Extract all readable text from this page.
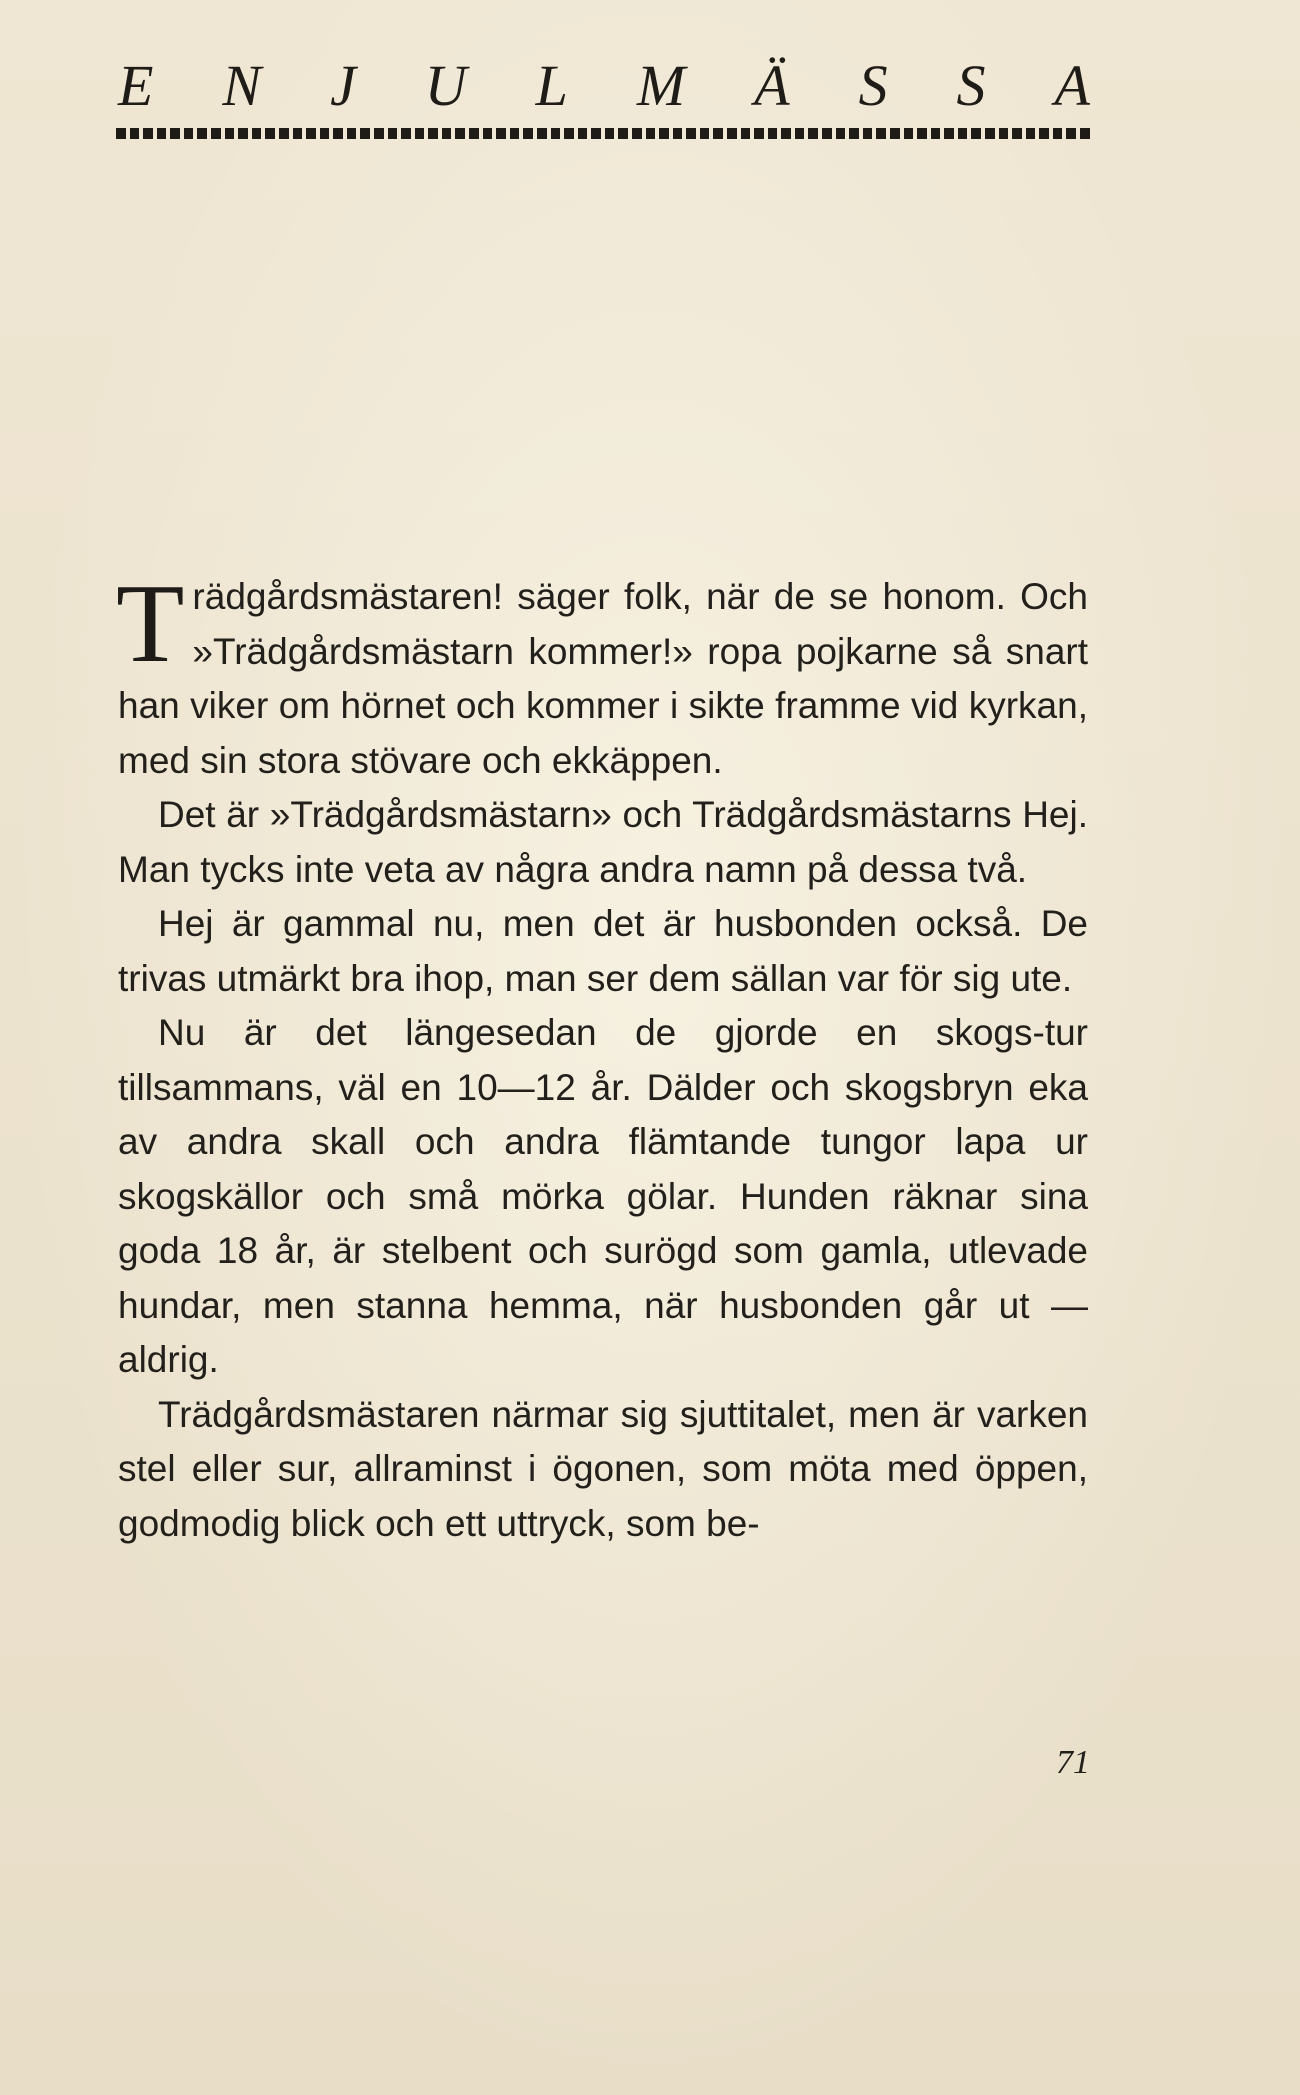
E N J U L M Ä S S A

Trädgårdsmästaren! säger folk, när de se honom. Och »Trädgårdsmästarn kommer!» ropa pojkarne så snart han viker om hörnet och kommer i sikte framme vid kyrkan, med sin stora stövare och ekkäppen.

Det är »Trädgårdsmästarn» och Trädgårdsmästarns Hej. Man tycks inte veta av några andra namn på dessa två.

Hej är gammal nu, men det är husbonden också. De trivas utmärkt bra ihop, man ser dem sällan var för sig ute.

Nu är det längesedan de gjorde en skogs-tur tillsammans, väl en 10—12 år. Dälder och skogsbryn eka av andra skall och andra flämtande tungor lapa ur skogskällor och små mörka gölar. Hunden räknar sina goda 18 år, är stelbent och surögd som gamla, utlevade hundar, men stanna hemma, när husbonden går ut — aldrig.

Trädgårdsmästaren närmar sig sjuttitalet, men är varken stel eller sur, allraminst i ögonen, som möta med öppen, godmodig blick och ett uttryck, som be-

71
